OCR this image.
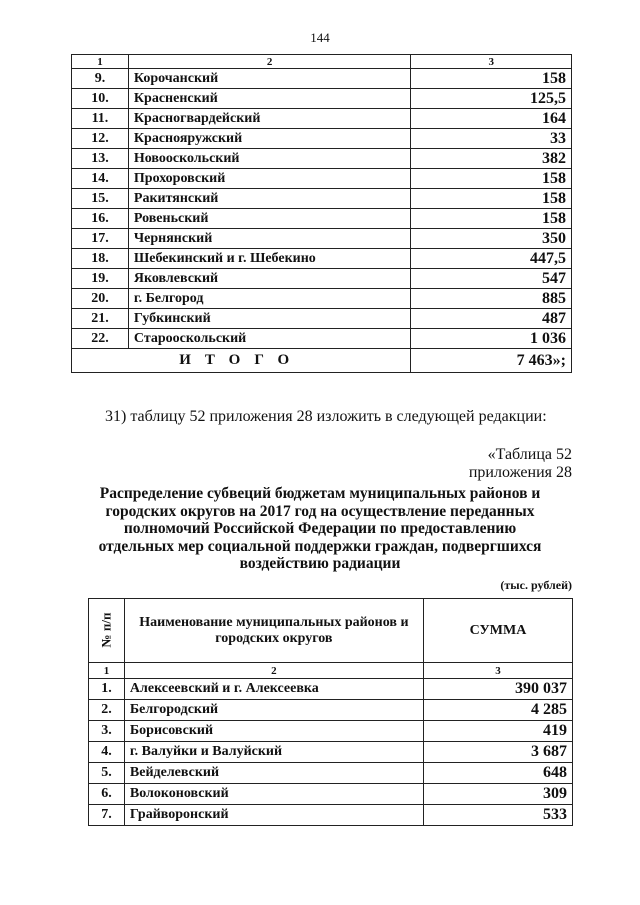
144
1	2	3
9.	Корочанский	158
10.	Красненский	125,5
11.	Красногвардейский	164
12.	Краснояружский	33
13.	Новооскольский	382
14.	Прохоровский	158
15.	Ракитянский	158
16.	Ровеньский	158
17.	Чернянский	350
18.	Шебекинский и г. Шебекино	447,5
19.	Яковлевский	547
20.	г. Белгород	885
21.	Губкинский	487
22.	Старооскольский	1 036
ИТОГО		7 463»;
31) таблицу 52 приложения 28 изложить в следующей редакции:
«Таблица 52
приложения 28
Распределение субвеций бюджетам муниципальных районов и городских округов на 2017 год на осуществление переданных полномочий Российской Федерации по предоставлению отдельных мер социальной поддержки граждан, подвергшихся воздействию радиации
(тыс. рублей)
№ п/п	Наименование муниципальных районов и городских округов	СУММА
1	2	3
1.	Алексеевский и г. Алексеевка	390 037
2.	Белгородский	4 285
3.	Борисовский	419
4.	г. Валуйки и Валуйский	3 687
5.	Вейделевский	648
6.	Волоконовский	309
7.	Грайворонский	533
